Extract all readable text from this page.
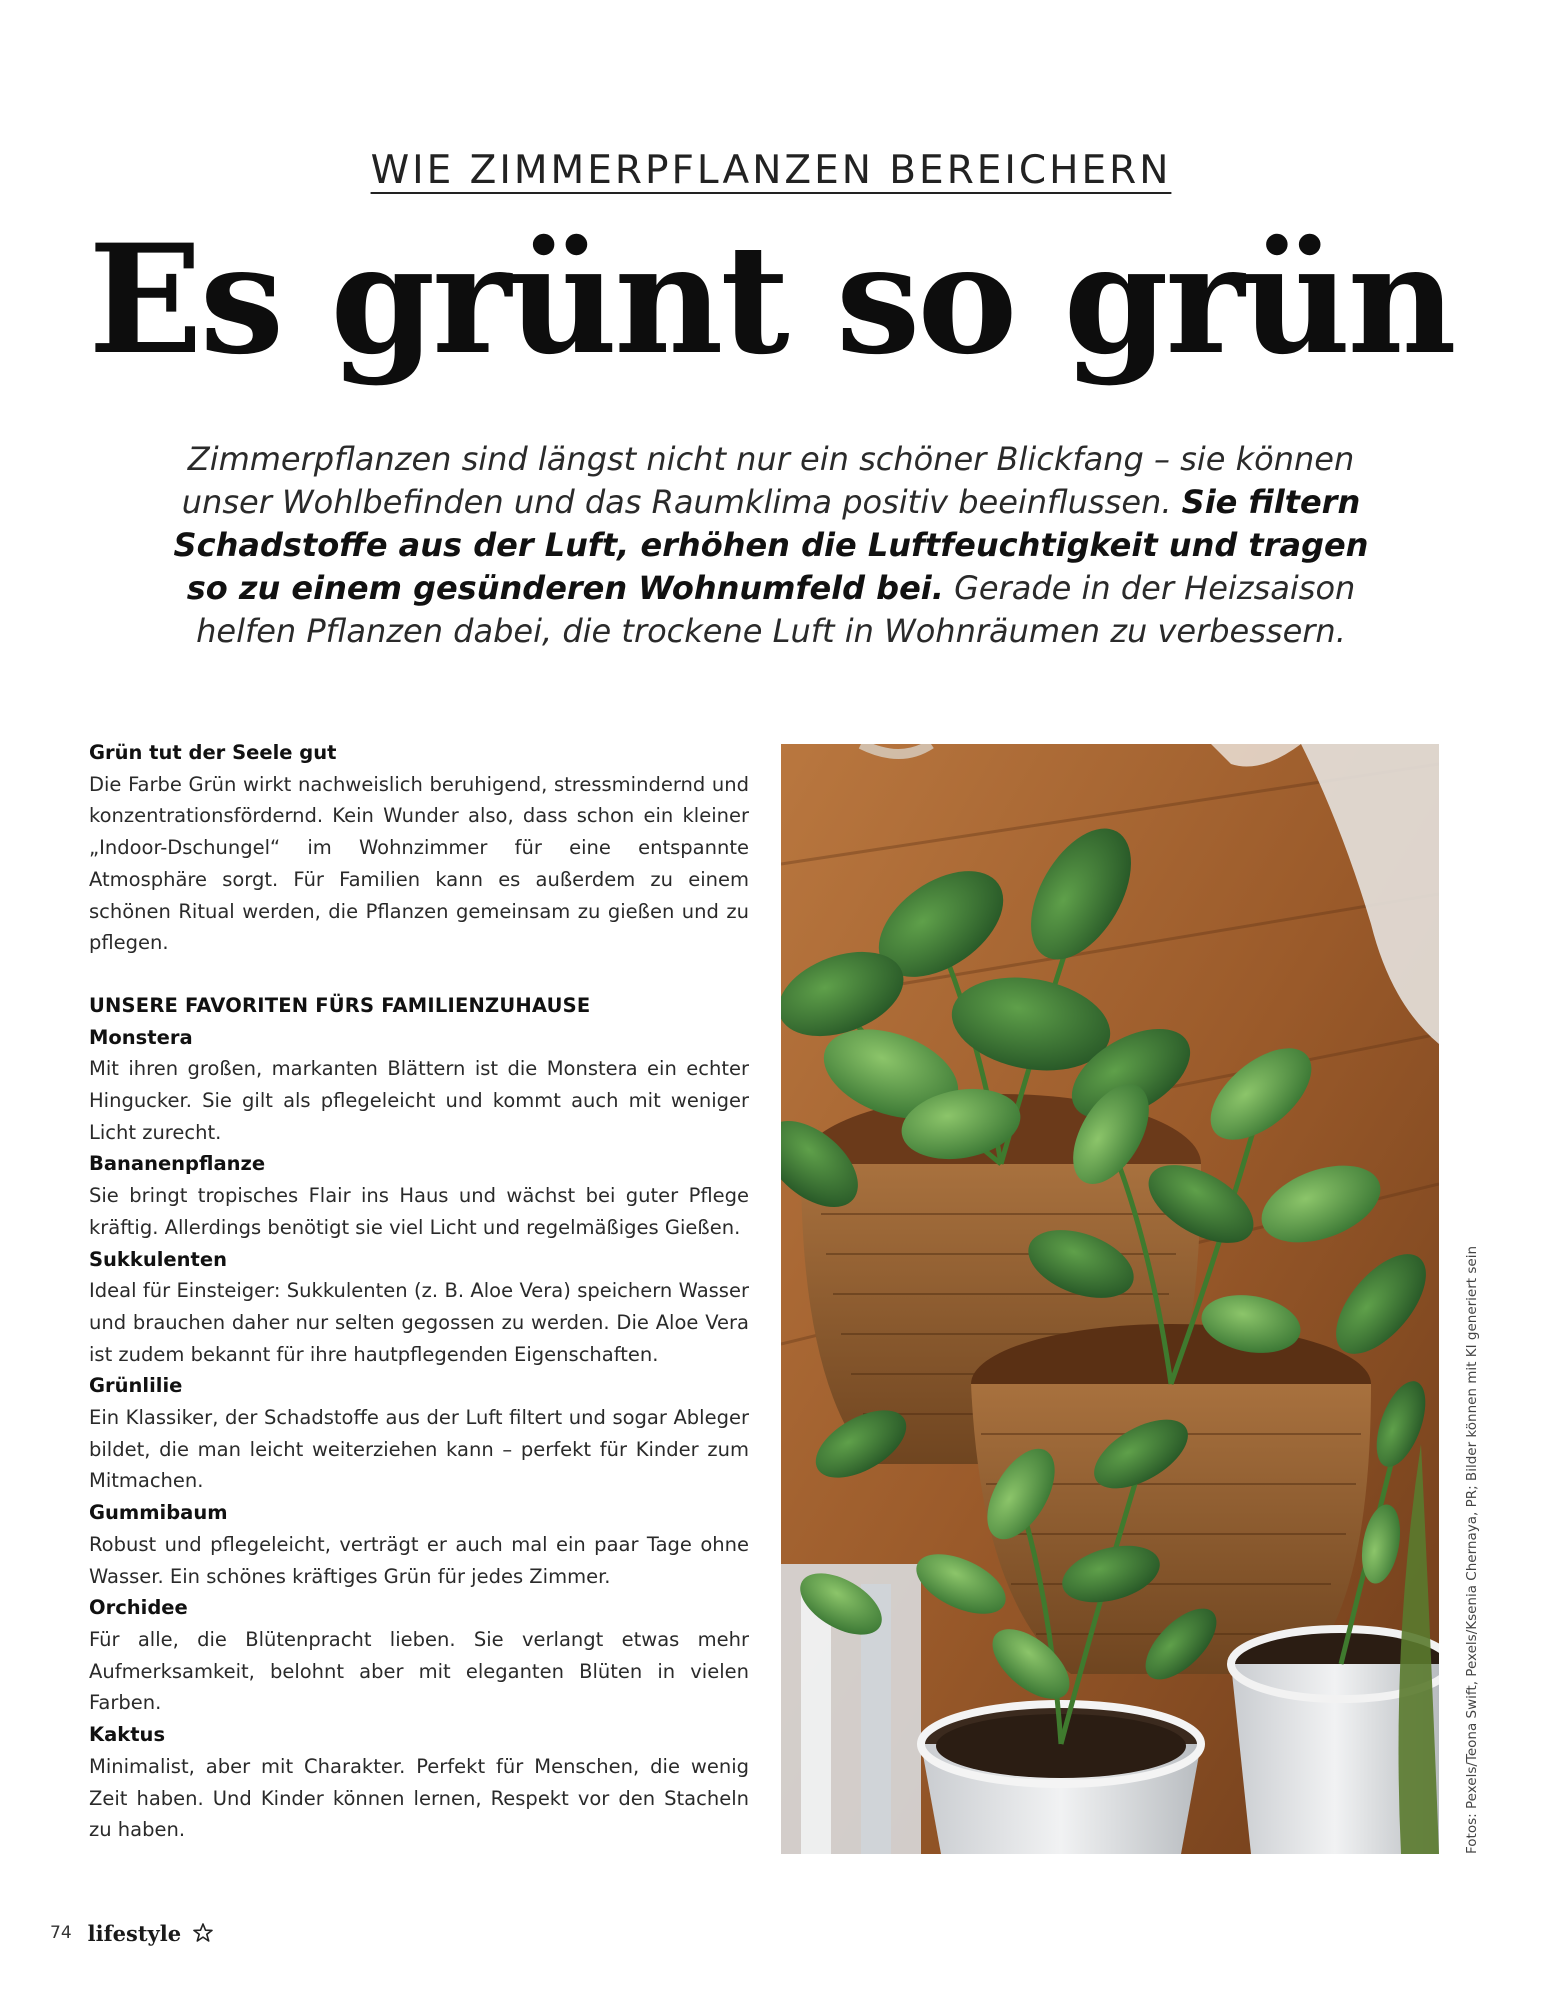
WIE ZIMMERPFLANZEN BEREICHERN
Es grünt so grün
Zimmerpflanzen sind längst nicht nur ein schöner Blickfang – sie können unser Wohlbefinden und das Raumklima positiv beeinflussen. Sie filtern Schadstoffe aus der Luft, erhöhen die Luftfeuchtigkeit und tragen so zu einem gesünderen Wohnumfeld bei. Gerade in der Heizsaison helfen Pflanzen dabei, die trockene Luft in Wohnräumen zu verbessern.
Grün tut der Seele gut

Die Farbe Grün wirkt nachweislich beruhigend, stressmindernd und konzentrationsfördernd. Kein Wunder also, dass schon ein kleiner „Indoor-Dschungel“ im Wohnzimmer für eine entspannte Atmosphäre sorgt. Für Familien kann es außerdem zu einem schönen Ritual werden, die Pflanzen gemeinsam zu gießen und zu pflegen.

UNSERE FAVORITEN FÜRS FAMILIENZUHAUSE
Monstera

Mit ihren großen, markanten Blättern ist die Monstera ein echter Hingucker. Sie gilt als pflegeleicht und kommt auch mit weniger Licht zurecht.

Bananenpflanze

Sie bringt tropisches Flair ins Haus und wächst bei guter Pflege kräftig. Allerdings benötigt sie viel Licht und regelmäßiges Gießen.

Sukkulenten

Ideal für Einsteiger: Sukkulenten (z. B. Aloe Vera) speichern Wasser und brauchen daher nur selten gegossen zu werden. Die Aloe Vera ist zudem bekannt für ihre hautpflegenden Eigenschaften.

Grünlilie

Ein Klassiker, der Schadstoffe aus der Luft filtert und sogar Ableger bildet, die man leicht weiterziehen kann – perfekt für Kinder zum Mitmachen.

Gummibaum

Robust und pflegeleicht, verträgt er auch mal ein paar Tage ohne Wasser. Ein schönes kräftiges Grün für jedes Zimmer.

Orchidee

Für alle, die Blütenpracht lieben. Sie verlangt etwas mehr Aufmerksamkeit, belohnt aber mit eleganten Blüten in vielen Farben.

Kaktus

Minimalist, aber mit Charakter. Perfekt für Menschen, die wenig Zeit haben. Und Kinder können lernen, Respekt vor den Stacheln zu haben.	Fotos: Pexels/Teona Swift, Pexels/Ksenia Chernaya, PR; Bilder können mit KI generiert sein
74 lifestyle
